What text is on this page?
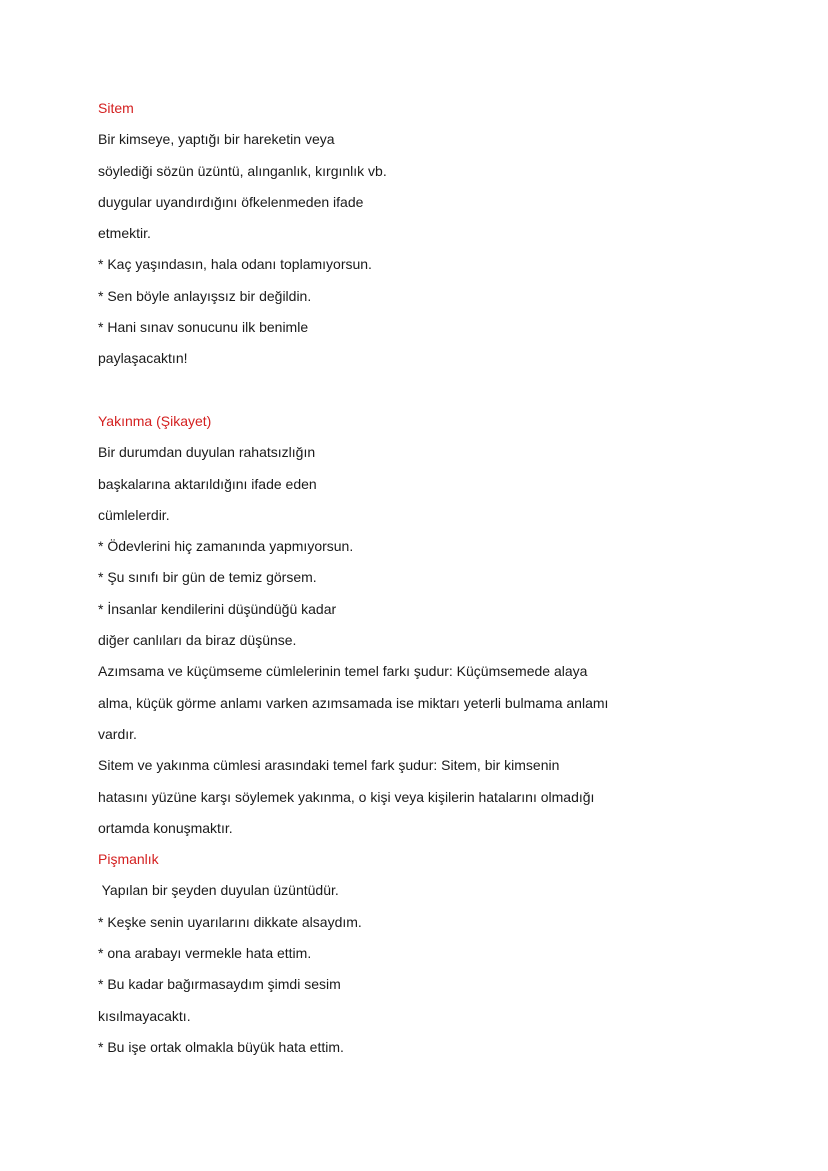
Sitem
Bir kimseye, yaptığı bir hareketin veya
söylediği sözün üzüntü, alınganlık, kırgınlık vb.
duygular uyandırdığını öfkelenmeden ifade
etmektir.
* Kaç yaşındasın, hala odanı toplamıyorsun.
* Sen böyle anlayışsız bir değildin.
* Hani sınav sonucunu ilk benimle
paylaşacaktın!
Yakınma (Şikayet)
Bir durumdan duyulan rahatsızlığın
başkalarına aktarıldığını ifade eden
cümlelerdir.
* Ödevlerini hiç zamanında yapmıyorsun.
* Şu sınıfı bir gün de temiz görsem.
* İnsanlar kendilerini düşündüğü kadar
diğer canlıları da biraz düşünse.
Azımsama ve küçümseme cümlelerinin temel farkı şudur: Küçümsemede alaya
alma, küçük görme anlamı varken azımsamada ise miktarı yeterli bulmama anlamı
vardır.
Sitem ve yakınma cümlesi arasındaki temel fark şudur: Sitem, bir kimsenin
hatasını yüzüne karşı söylemek yakınma, o kişi veya kişilerin hatalarını olmadığı
ortamda konuşmaktır.
Pişmanlık
Yapılan bir şeyden duyulan üzüntüdür.
* Keşke senin uyarılarını dikkate alsaydım.
* ona arabayı vermekle hata ettim.
* Bu kadar bağırmasaydım şimdi sesim
kısılmayacaktı.
* Bu işe ortak olmakla büyük hata ettim.
